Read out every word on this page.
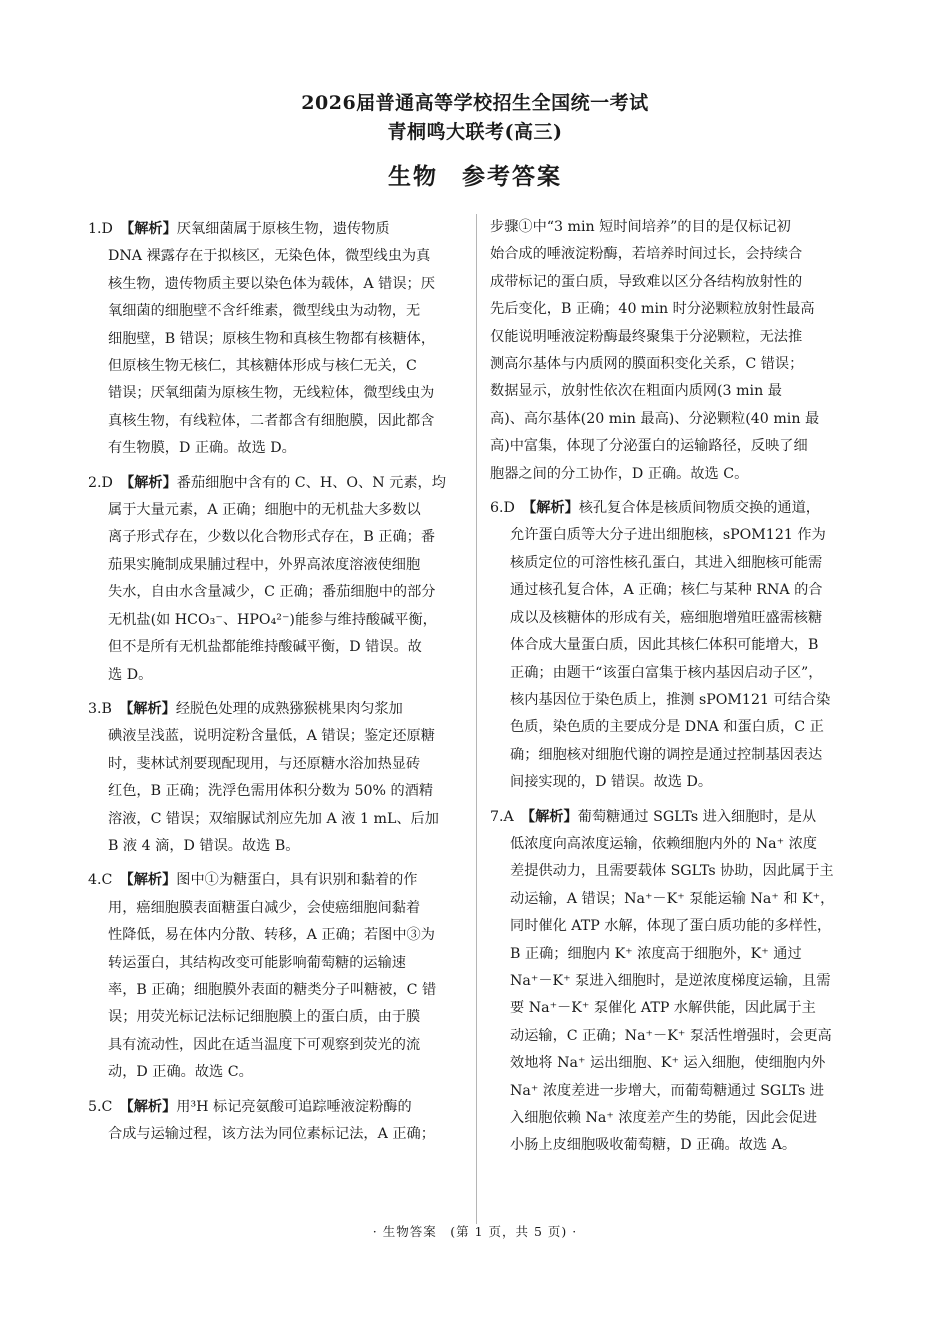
2026届普通高等学校招生全国统一考试
青桐鸣大联考(高三)
生物 参考答案
1.D  【解析】厌氧细菌属于原核生物，遗传物质
DNA 裸露存在于拟核区，无染色体，微型线虫为真
核生物，遗传物质主要以染色体为载体，A 错误；厌
氧细菌的细胞壁不含纤维素，微型线虫为动物，无
细胞壁，B 错误；原核生物和真核生物都有核糖体，
但原核生物无核仁，其核糖体形成与核仁无关，C
错误；厌氧细菌为原核生物，无线粒体，微型线虫为
真核生物，有线粒体，二者都含有细胞膜，因此都含
有生物膜，D 正确。故选 D。
2.D  【解析】番茄细胞中含有的 C、H、O、N 元素，均
属于大量元素，A 正确；细胞中的无机盐大多数以
离子形式存在，少数以化合物形式存在，B 正确；番
茄果实腌制成果脯过程中，外界高浓度溶液使细胞
失水，自由水含量减少，C 正确；番茄细胞中的部分
无机盐(如 HCO₃⁻、HPO₄²⁻)能参与维持酸碱平衡，
但不是所有无机盐都能维持酸碱平衡，D 错误。故
选 D。
3.B  【解析】经脱色处理的成熟猕猴桃果肉匀浆加
碘液呈浅蓝，说明淀粉含量低，A 错误；鉴定还原糖
时，斐林试剂要现配现用，与还原糖水浴加热显砖
红色，B 正确；洗浮色需用体积分数为 50% 的酒精
溶液，C 错误；双缩脲试剂应先加 A 液 1 mL、后加
B 液 4 滴，D 错误。故选 B。
4.C  【解析】图中①为糖蛋白，具有识别和黏着的作
用，癌细胞膜表面糖蛋白减少，会使癌细胞间黏着
性降低，易在体内分散、转移，A 正确；若图中③为
转运蛋白，其结构改变可能影响葡萄糖的运输速
率，B 正确；细胞膜外表面的糖类分子叫糖被，C 错
误；用荧光标记法标记细胞膜上的蛋白质，由于膜
具有流动性，因此在适当温度下可观察到荧光的流
动，D 正确。故选 C。
5.C  【解析】用³H 标记亮氨酸可追踪唾液淀粉酶的
合成与运输过程，该方法为同位素标记法，A 正确；
步骤①中“3 min 短时间培养”的目的是仅标记初
始合成的唾液淀粉酶，若培养时间过长，会持续合
成带标记的蛋白质，导致难以区分各结构放射性的
先后变化，B 正确；40 min 时分泌颗粒放射性最高
仅能说明唾液淀粉酶最终聚集于分泌颗粒，无法推
测高尔基体与内质网的膜面积变化关系，C 错误；
数据显示，放射性依次在粗面内质网(3 min 最
高)、高尔基体(20 min 最高)、分泌颗粒(40 min 最
高)中富集，体现了分泌蛋白的运输路径，反映了细
胞器之间的分工协作，D 正确。故选 C。
6.D  【解析】核孔复合体是核质间物质交换的通道，
允许蛋白质等大分子进出细胞核，sPOM121 作为
核质定位的可溶性核孔蛋白，其进入细胞核可能需
通过核孔复合体，A 正确；核仁与某种 RNA 的合
成以及核糖体的形成有关，癌细胞增殖旺盛需核糖
体合成大量蛋白质，因此其核仁体积可能增大，B
正确；由题干“该蛋白富集于核内基因启动子区”，
核内基因位于染色质上，推测 sPOM121 可结合染
色质，染色质的主要成分是 DNA 和蛋白质，C 正
确；细胞核对细胞代谢的调控是通过控制基因表达
间接实现的，D 错误。故选 D。
7.A  【解析】葡萄糖通过 SGLTs 进入细胞时，是从
低浓度向高浓度运输，依赖细胞内外的 Na⁺ 浓度
差提供动力，且需要载体 SGLTs 协助，因此属于主
动运输，A 错误；Na⁺－K⁺ 泵能运输 Na⁺ 和 K⁺，
同时催化 ATP 水解，体现了蛋白质功能的多样性，
B 正确；细胞内 K⁺ 浓度高于细胞外，K⁺ 通过
Na⁺－K⁺ 泵进入细胞时，是逆浓度梯度运输，且需
要 Na⁺－K⁺ 泵催化 ATP 水解供能，因此属于主
动运输，C 正确；Na⁺－K⁺ 泵活性增强时，会更高
效地将 Na⁺ 运出细胞、K⁺ 运入细胞，使细胞内外
Na⁺ 浓度差进一步增大，而葡萄糖通过 SGLTs 进
入细胞依赖 Na⁺ 浓度差产生的势能，因此会促进
小肠上皮细胞吸收葡萄糖，D 正确。故选 A。
· 生物答案　(第 1 页，共 5 页) ·
